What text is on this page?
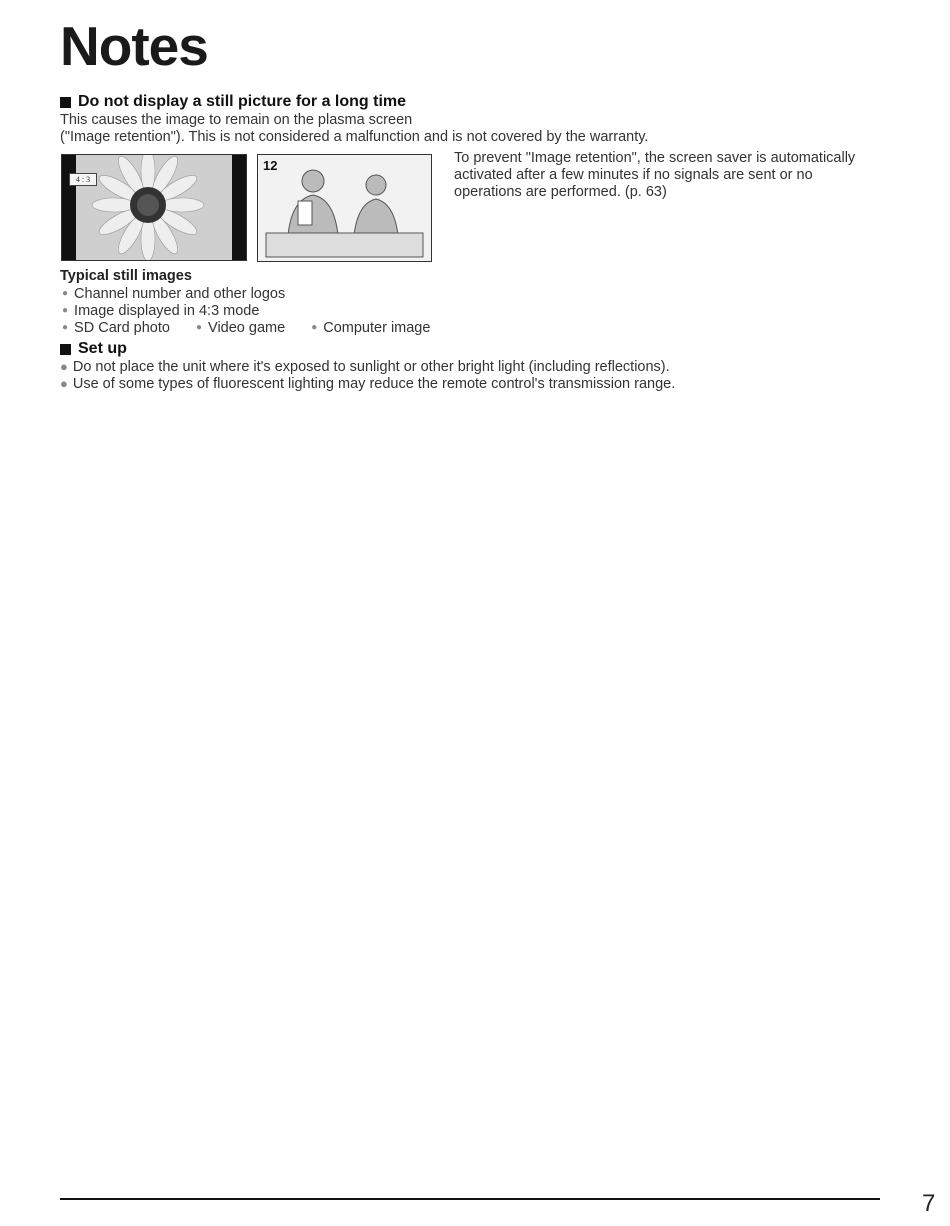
Notes
Do not display a still picture for a long time
This causes the image to remain on the plasma screen
("Image retention"). This is not considered a malfunction and is not covered by the warranty.
4 : 3
12	To prevent "Image retention", the screen saver is automatically activated after a few minutes if no signals are sent or no operations are performed. (p. 63)
Typical still images
● Channel number and other logos
● Image displayed in 4:3 mode
● SD Card photo	● Video game	● Computer image
Set up
● Do not place the unit where it's exposed to sunlight or other bright light (including reflections).
● Use of some types of fluorescent lighting may reduce the remote control's transmission range.
7
